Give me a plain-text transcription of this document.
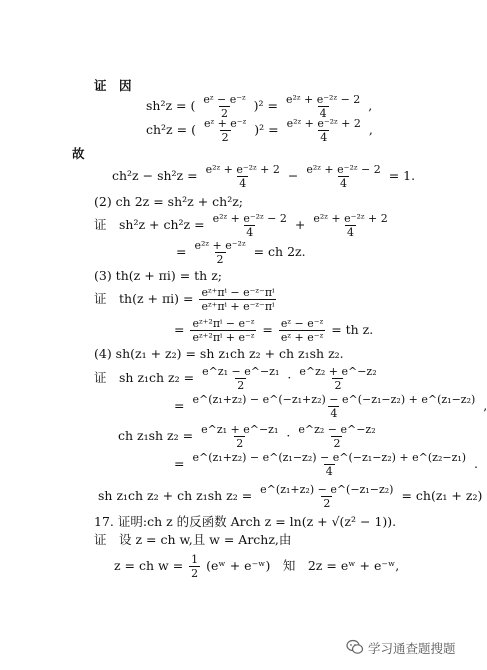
证　因
sh²z = ( $\frac{\text{eᶻ − e⁻ᶻ}}{2} )^2 = \frac{\text{e²ᶻ + e⁻²ᶻ − 2}}{4}$ ,
ch²z = ( $\frac{\text{eᶻ + e⁻ᶻ}}{2} )^2 = \frac{\text{e²ᶻ + e⁻²ᶻ + 2}}{4}$ ,
故
$ch^2z - sh^2z = \frac{\text{e²ᶻ + e⁻²ᶻ + 2}}{4} - \frac{\text{e²ᶻ + e⁻²ᶻ − 2}}{4} = 1$.
(2) ch 2z = sh²z + ch²z;
证　$sh^2z + ch^2z = \frac{\text{e²ᶻ + e⁻²ᶻ − 2}}{4} + \frac{\text{e²ᶻ + e⁻²ᶻ + 2}}{4}$
= $\frac{\text{e²ᶻ + e⁻²ᶻ}}{2}$ = ch 2z.
(3) th(z + πi) = th z;
证　$th(z + \pi i) = \frac{\text{eᶻ⁺πⁱ − e⁻ᶻ⁻πⁱ}}{\text{eᶻ⁺πⁱ + e⁻ᶻ⁻πⁱ}}$
= $\frac{\text{eᶻ⁺²πⁱ − e⁻ᶻ}}{\text{eᶻ⁺²πⁱ + e⁻ᶻ}} = \frac{\text{eᶻ − e⁻ᶻ}}{\text{eᶻ + e⁻ᶻ}}$ = th z.
(4) sh(z₁ + z₂) = sh z₁ch z₂ + ch z₁sh z₂.
证　sh z₁ch $z_2 = \frac{\text{e\textasciicircum{}z₁ − e\textasciicircum{}−z₁}}{2} \cdot \frac{\text{e\textasciicircum{}z₂ + e\textasciicircum{}−z₂}}{2}$
= $\frac{\text{e\textasciicircum{}(z₁+z₂) − e\textasciicircum{}(−z₁+z₂) − e\textasciicircum{}(−z₁−z₂) + e\textasciicircum{}(z₁−z₂)}}{4}$ ,
ch z₁sh $z_2 = \frac{\text{e\textasciicircum{}z₁ + e\textasciicircum{}−z₁}}{2} \cdot \frac{\text{e\textasciicircum{}z₂ − e\textasciicircum{}−z₂}}{2}$
= $\frac{\text{e\textasciicircum{}(z₁+z₂) − e\textasciicircum{}(z₁−z₂) − e\textasciicircum{}(−z₁−z₂) + e\textasciicircum{}(z₂−z₁)}}{4}$ .
sh z₁ch z₂ + ch z₁sh $z_2 = \frac{\text{e\textasciicircum{}(z₁+z₂) − e\textasciicircum{}(−z₁−z₂)}}{2} = ch(z_1 + z_2)$
17. 证明:ch z 的反函数 Arch z = ln(z + √(z² − 1)).
证　设 z = ch w,且 w = Archz,由
z = ch $w = \frac{1}{2}$ (eʷ + e⁻ʷ)　知　2z = eʷ + e⁻ʷ,
学习通查题搜题
